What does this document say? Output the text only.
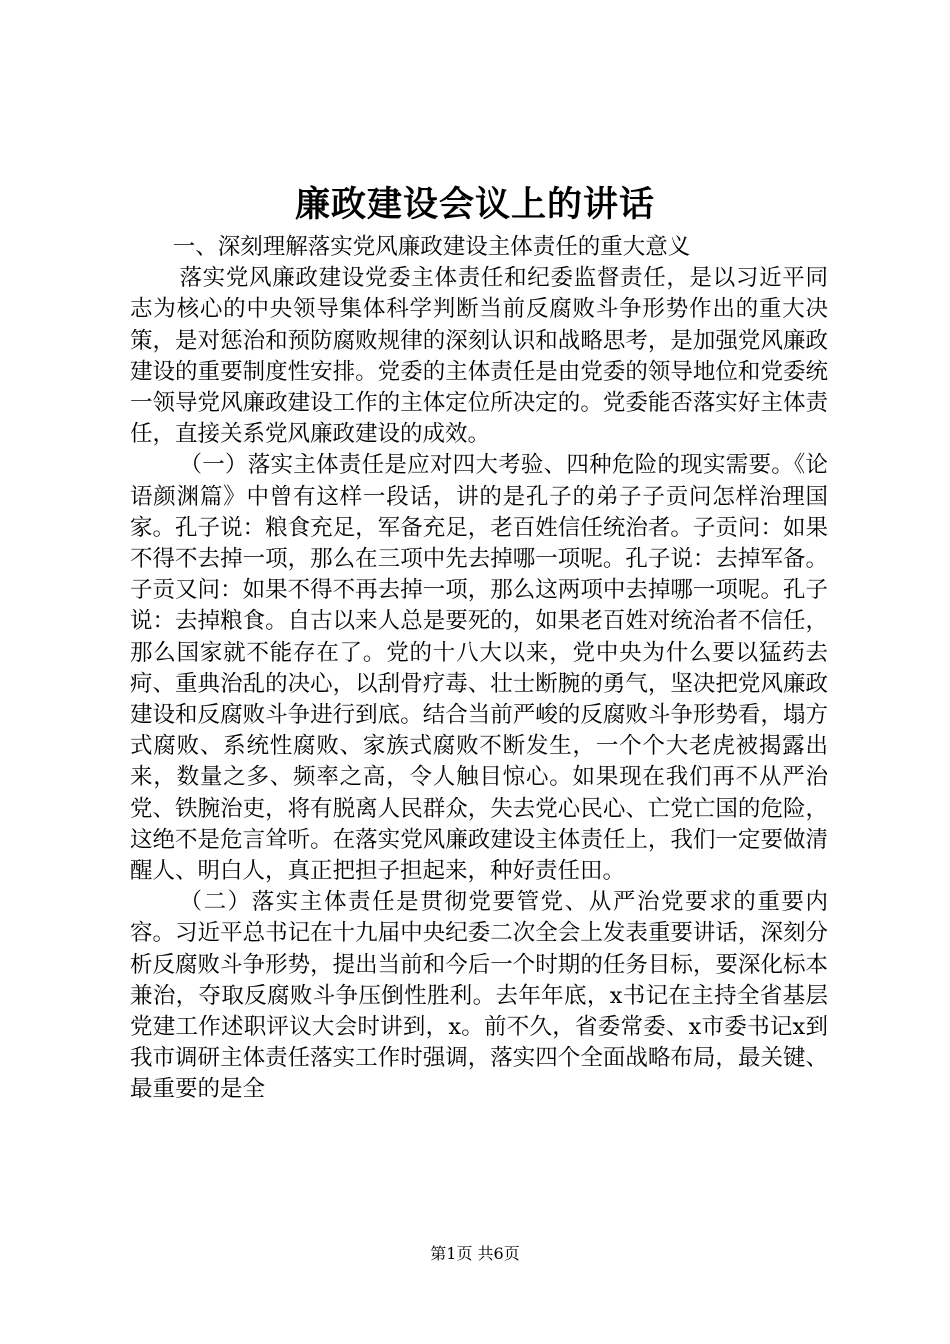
廉政建设会议上的讲话

一、深刻理解落实党风廉政建设主体责任的重大意义

落实党风廉政建设党委主体责任和纪委监督责任，是以习近平同志为核心的中央领导集体科学判断当前反腐败斗争形势作出的重大决策，是对惩治和预防腐败规律的深刻认识和战略思考，是加强党风廉政建设的重要制度性安排。党委的主体责任是由党委的领导地位和党委统一领导党风廉政建设工作的主体定位所决定的。党委能否落实好主体责任，直接关系党风廉政建设的成效。

（一）落实主体责任是应对四大考验、四种危险的现实需要。《论语颜渊篇》中曾有这样一段话，讲的是孔子的弟子子贡问怎样治理国家。孔子说：粮食充足，军备充足，老百姓信任统治者。子贡问：如果不得不去掉一项，那么在三项中先去掉哪一项呢。孔子说：去掉军备。子贡又问：如果不得不再去掉一项，那么这两项中去掉哪一项呢。孔子说：去掉粮食。自古以来人总是要死的，如果老百姓对统治者不信任，那么国家就不能存在了。党的十八大以来，党中央为什么要以猛药去疴、重典治乱的决心，以刮骨疗毒、壮士断腕的勇气，坚决把党风廉政建设和反腐败斗争进行到底。结合当前严峻的反腐败斗争形势看，塌方式腐败、系统性腐败、家族式腐败不断发生，一个个大老虎被揭露出来，数量之多、频率之高，令人触目惊心。如果现在我们再不从严治党、铁腕治吏，将有脱离人民群众，失去党心民心、亡党亡国的危险，这绝不是危言耸听。在落实党风廉政建设主体责任上，我们一定要做清醒人、明白人，真正把担子担起来，种好责任田。

（二）落实主体责任是贯彻党要管党、从严治党要求的重要内容。习近平总书记在十九届中央纪委二次全会上发表重要讲话，深刻分析反腐败斗争形势，提出当前和今后一个时期的任务目标，要深化标本兼治，夺取反腐败斗争压倒性胜利。去年年底，x书记在主持全省基层党建工作述职评议大会时讲到，x。前不久，省委常委、x市委书记x到我市调研主体责任落实工作时强调，落实四个全面战略布局，最关键、最重要的是全

第1页 共6页
